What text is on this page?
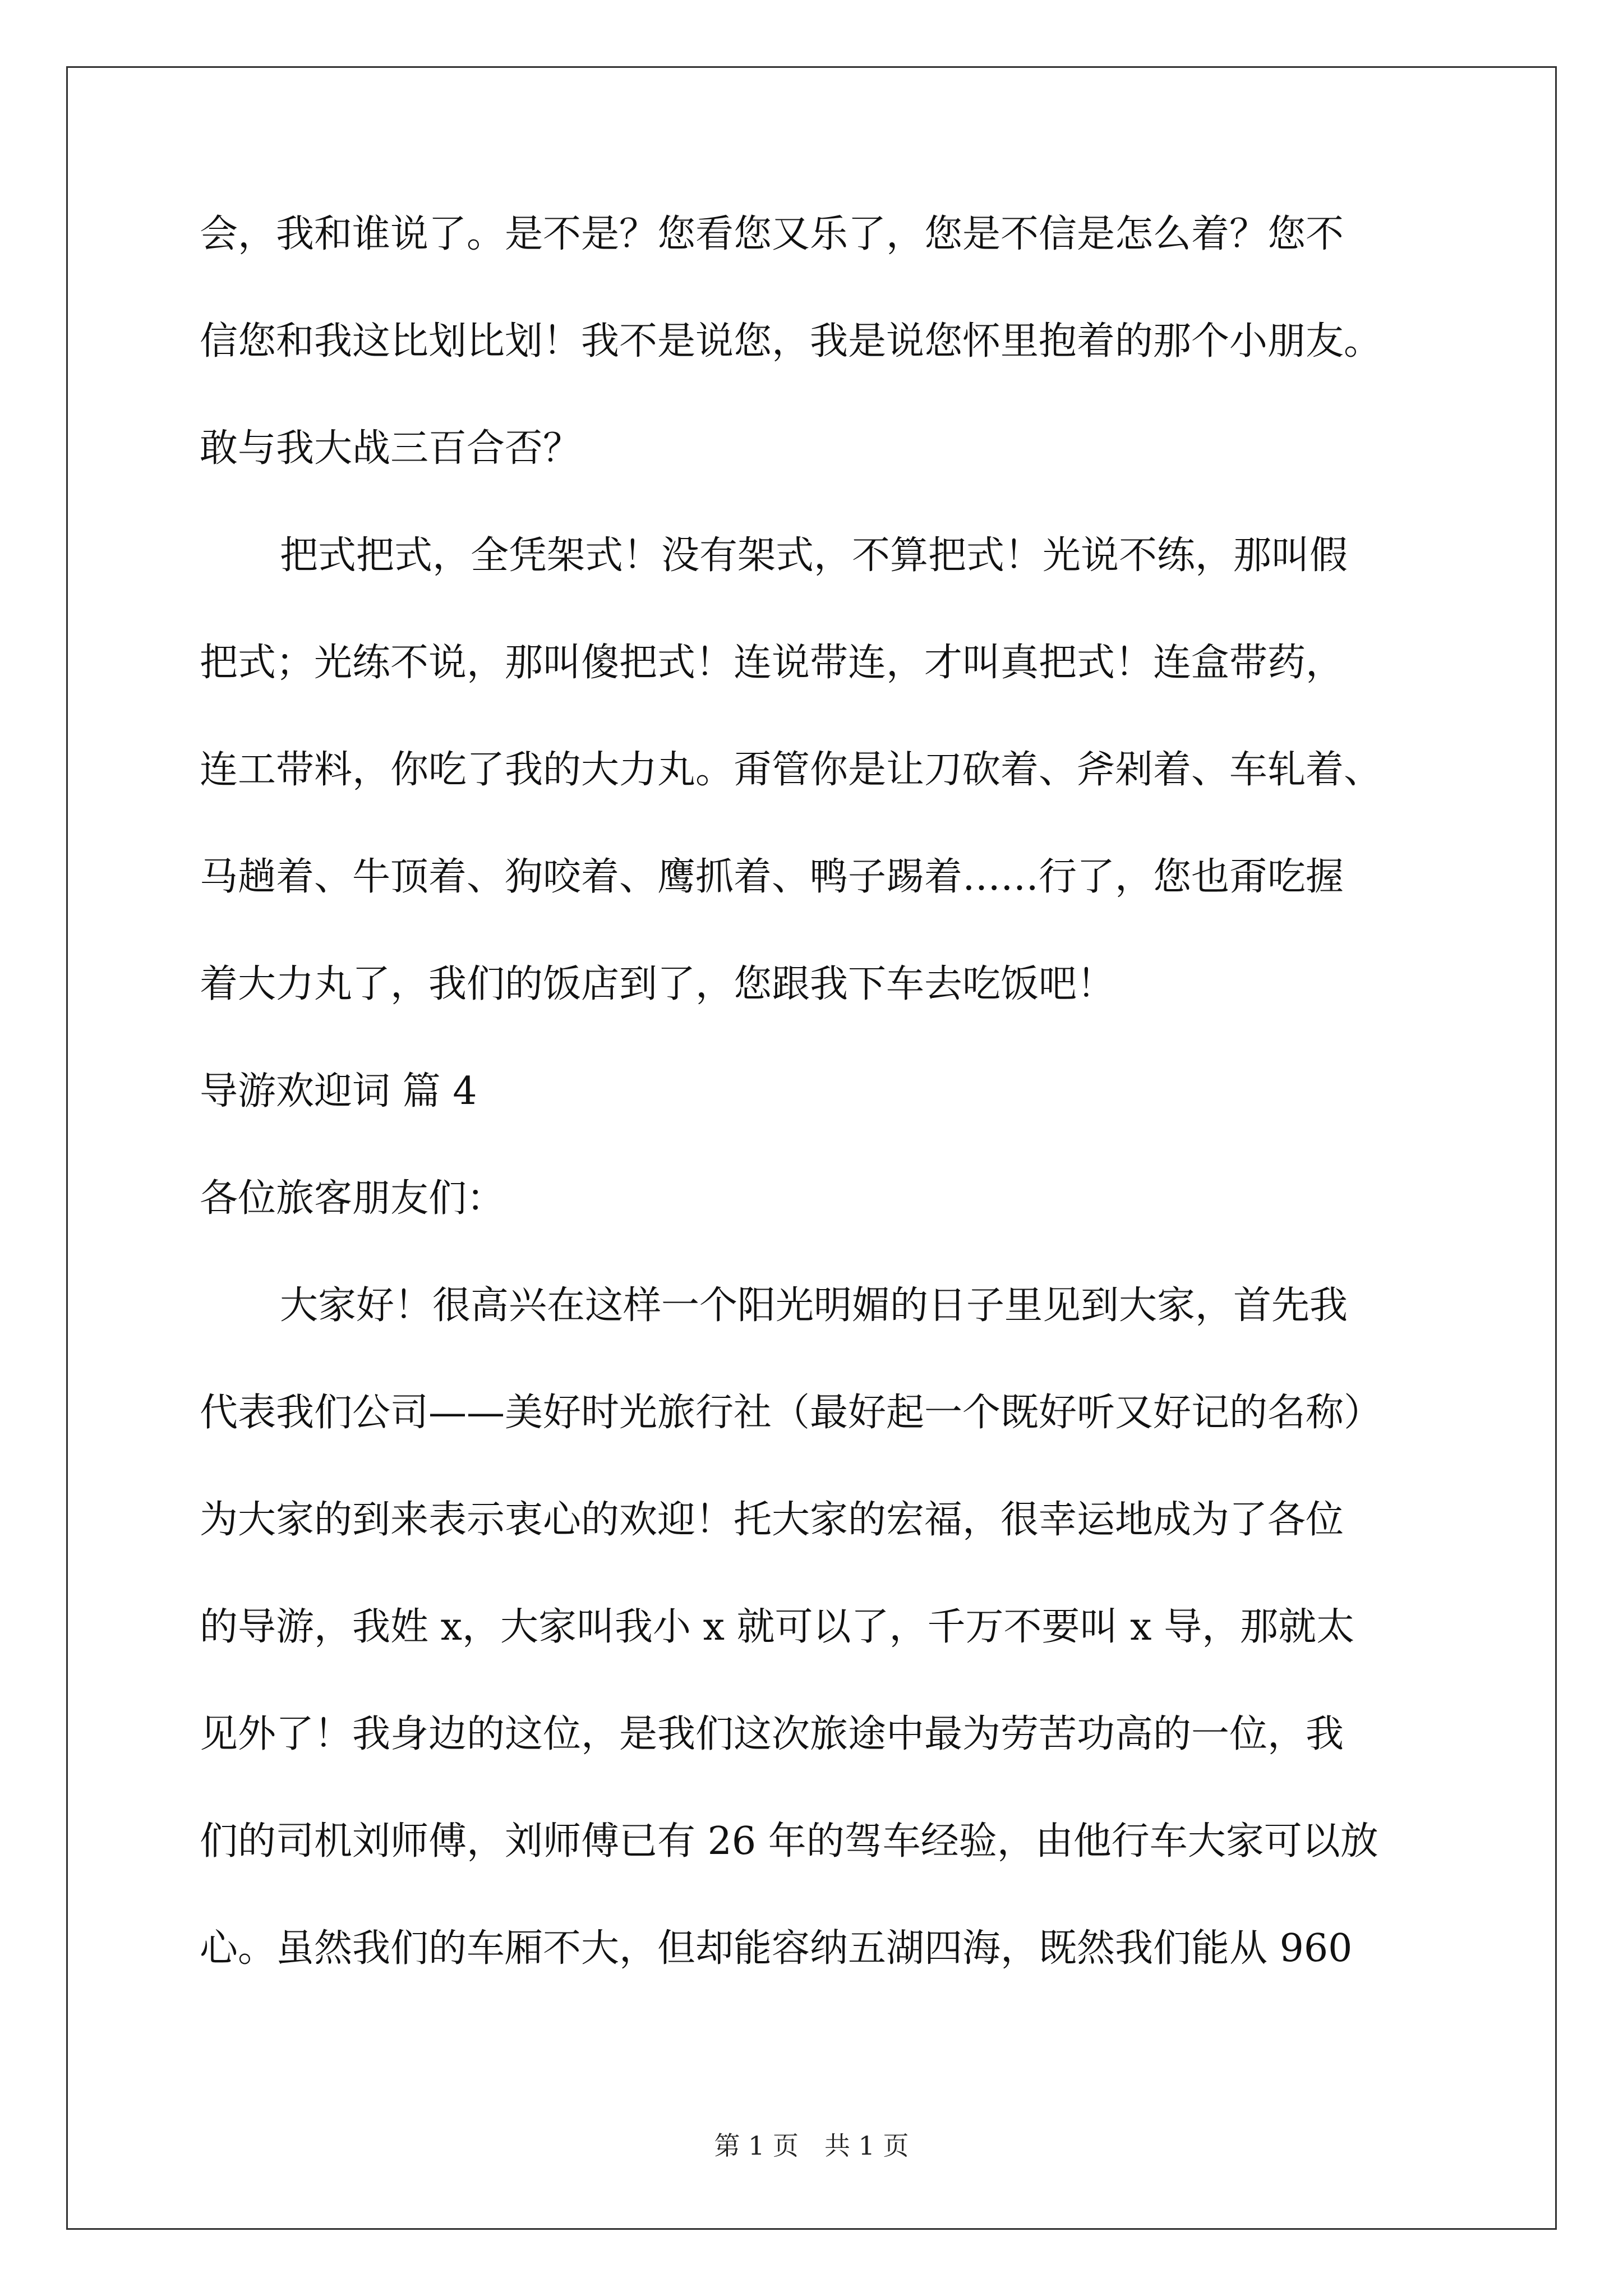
会，我和谁说了。是不是？您看您又乐了，您是不信是怎么着？您不
信您和我这比划比划！我不是说您，我是说您怀里抱着的那个小朋友。
敢与我大战三百合否？
把式把式，全凭架式！没有架式，不算把式！光说不练，那叫假
把式；光练不说，那叫傻把式！连说带连，才叫真把式！连盒带药，
连工带料，你吃了我的大力丸。甭管你是让刀砍着、斧剁着、车轧着、
马趟着、牛顶着、狗咬着、鹰抓着、鸭子踢着……行了，您也甭吃握
着大力丸了，我们的饭店到了，您跟我下车去吃饭吧！
导游欢迎词 篇 4
各位旅客朋友们：
大家好！很高兴在这样一个阳光明媚的日子里见到大家，首先我
代表我们公司——美好时光旅行社（最好起一个既好听又好记的名称）
为大家的到来表示衷心的欢迎！托大家的宏福，很幸运地成为了各位
的导游，我姓 x，大家叫我小 x 就可以了，千万不要叫 x 导，那就太
见外了！我身边的这位，是我们这次旅途中最为劳苦功高的一位，我
们的司机刘师傅，刘师傅已有 26 年的驾车经验，由他行车大家可以放
心。虽然我们的车厢不大，但却能容纳五湖四海，既然我们能从 960
第 1 页　共 1 页
